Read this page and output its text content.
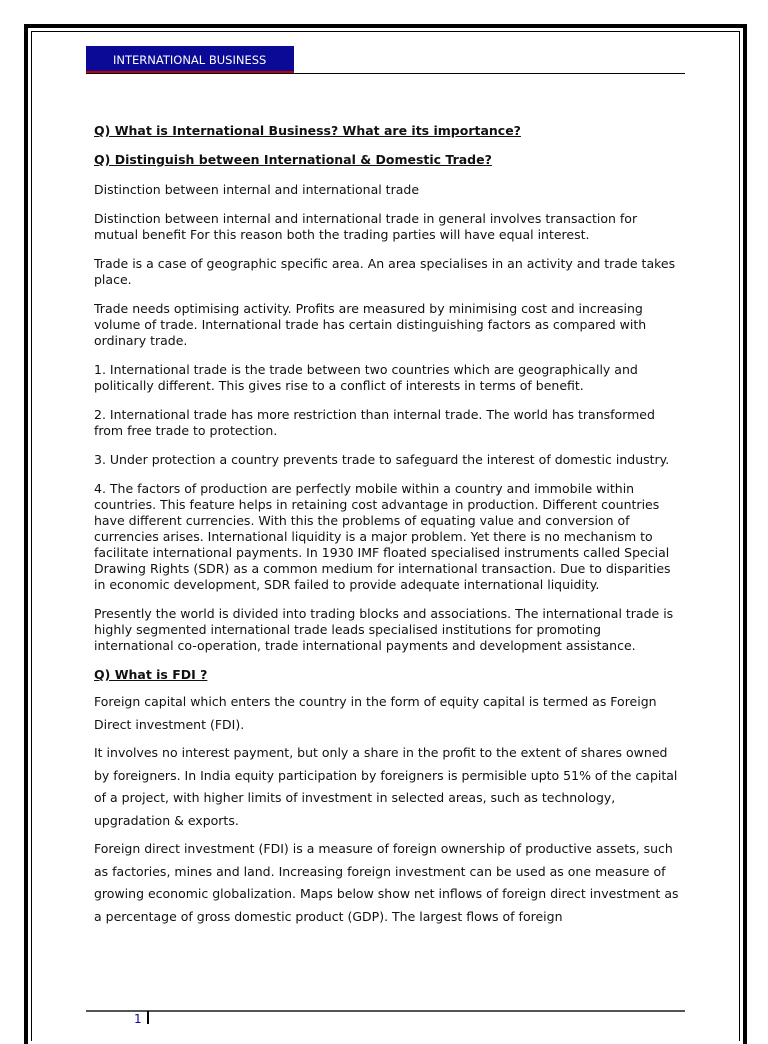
INTERNATIONAL BUSINESS

Q) What is International Business? What are its importance?

Q) Distinguish between International & Domestic Trade?

Distinction between internal and international trade

Distinction between internal and international trade in general involves transaction for mutual benefit For this reason both the trading parties will have equal interest.

Trade is a case of geographic specific area. An area specialises in an activity and trade takes place.

Trade needs optimising activity. Profits are measured by minimising cost and increasing volume of trade. International trade has certain distinguishing factors as compared with ordinary trade.

1. International trade is the trade between two countries which are geographically and politically different. This gives rise to a conflict of interests in terms of benefit.

2. International trade has more restriction than internal trade. The world has transformed from free trade to protection.

3. Under protection a country prevents trade to safeguard the interest of domestic industry.

4. The factors of production are perfectly mobile within a country and immobile within countries. This feature helps in retaining cost advantage in production. Different countries have different currencies. With this the problems of equating value and conversion of currencies arises. International liquidity is a major problem. Yet there is no mechanism to facilitate international payments. In 1930 IMF floated specialised instruments called Special Drawing Rights (SDR) as a common medium for international transaction. Due to disparities in economic development, SDR failed to provide adequate international liquidity.

Presently the world is divided into trading blocks and associations. The international trade is highly segmented international trade leads specialised institutions for promoting international co-operation, trade international payments and development assistance.

Q) What is FDI ?

Foreign capital which enters the country in the form of equity capital is termed as Foreign Direct investment (FDI).

It involves no interest payment, but only a share in the profit to the extent of shares owned by foreigners. In India equity participation by foreigners is permisible upto 51% of the capital of a project, with higher limits of investment in selected areas, such as technology, upgradation & exports.

Foreign direct investment (FDI) is a measure of foreign ownership of productive assets, such as factories, mines and land. Increasing foreign investment can be used as one measure of growing economic globalization. Maps below show net inflows of foreign direct investment as a percentage of gross domestic product (GDP). The largest flows of foreign

1
